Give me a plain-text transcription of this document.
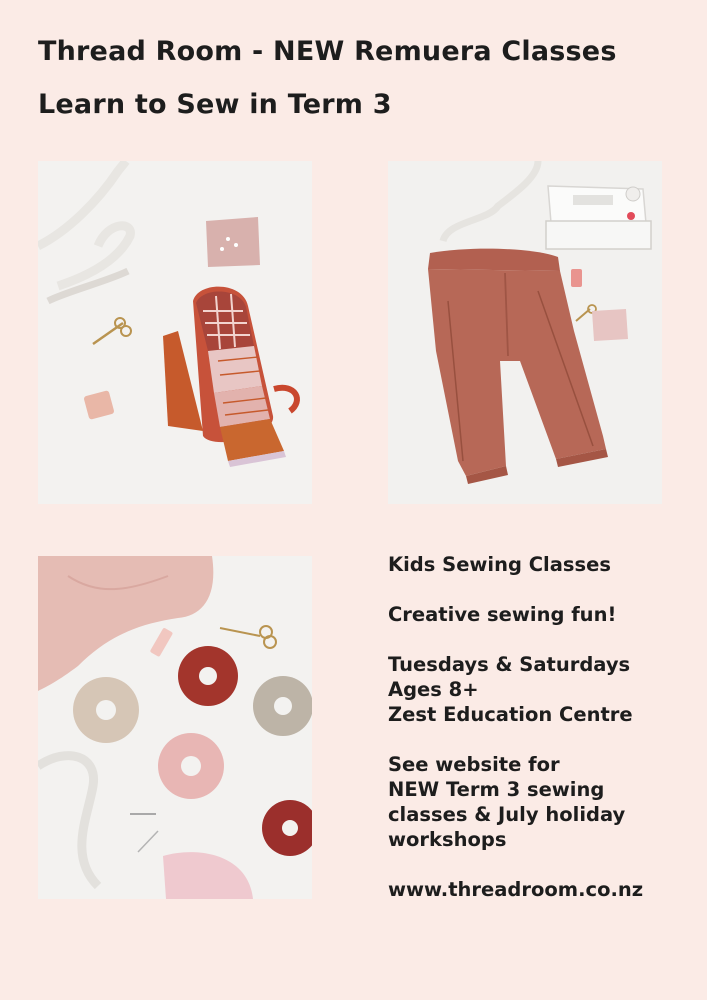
Thread Room - NEW Remuera Classes
Learn to Sew in Term 3

Kids Sewing Classes

Creative sewing fun!

Tuesdays & Saturdays

Ages 8+

Zest Education Centre

See website for

NEW Term 3 sewing

classes & July holiday

workshops

www.threadroom.co.nz
